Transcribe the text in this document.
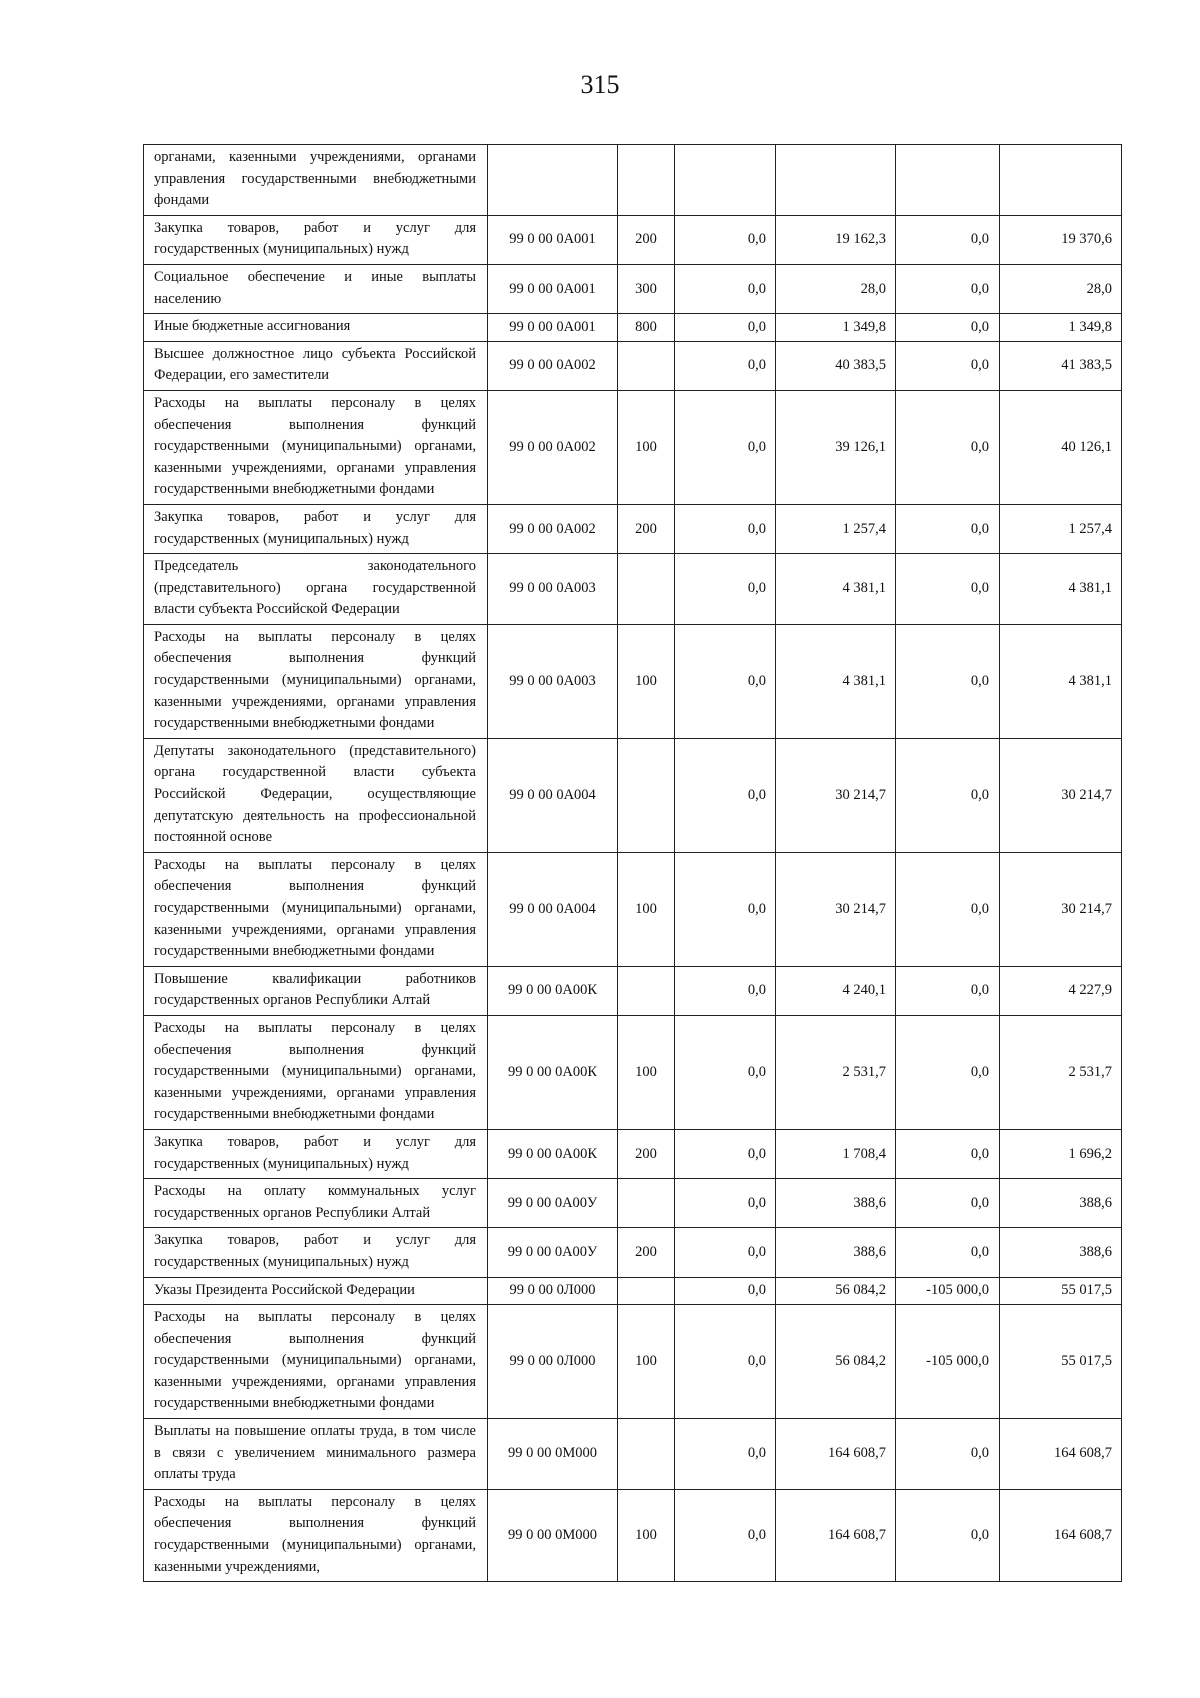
315
органами, казенными учреждениями, органами управления государственными внебюджетными фондами						
Закупка товаров, работ и услуг для государственных (муниципальных) нужд	99 0 00 0А001	200	0,0	19 162,3	0,0	19 370,6
Социальное обеспечение и иные выплаты населению	99 0 00 0А001	300	0,0	28,0	0,0	28,0
Иные бюджетные ассигнования	99 0 00 0А001	800	0,0	1 349,8	0,0	1 349,8
Высшее должностное лицо субъекта Российской Федерации, его заместители	99 0 00 0А002		0,0	40 383,5	0,0	41 383,5
Расходы на выплаты персоналу в целях обеспечения выполнения функций государственными (муниципальными) органами, казенными учреждениями, органами управления государственными внебюджетными фондами	99 0 00 0А002	100	0,0	39 126,1	0,0	40 126,1
Закупка товаров, работ и услуг для государственных (муниципальных) нужд	99 0 00 0А002	200	0,0	1 257,4	0,0	1 257,4
Председатель законодательного (представительного) органа государственной власти субъекта Российской Федерации	99 0 00 0А003		0,0	4 381,1	0,0	4 381,1
Расходы на выплаты персоналу в целях обеспечения выполнения функций государственными (муниципальными) органами, казенными учреждениями, органами управления государственными внебюджетными фондами	99 0 00 0А003	100	0,0	4 381,1	0,0	4 381,1
Депутаты законодательного (представительного) органа государственной власти субъекта Российской Федерации, осуществляющие депутатскую деятельность на профессиональной постоянной основе	99 0 00 0А004		0,0	30 214,7	0,0	30 214,7
Расходы на выплаты персоналу в целях обеспечения выполнения функций государственными (муниципальными) органами, казенными учреждениями, органами управления государственными внебюджетными фондами	99 0 00 0А004	100	0,0	30 214,7	0,0	30 214,7
Повышение квалификации работников государственных органов Республики Алтай	99 0 00 0А00К		0,0	4 240,1	0,0	4 227,9
Расходы на выплаты персоналу в целях обеспечения выполнения функций государственными (муниципальными) органами, казенными учреждениями, органами управления государственными внебюджетными фондами	99 0 00 0А00К	100	0,0	2 531,7	0,0	2 531,7
Закупка товаров, работ и услуг для государственных (муниципальных) нужд	99 0 00 0А00К	200	0,0	1 708,4	0,0	1 696,2
Расходы на оплату коммунальных услуг государственных органов Республики Алтай	99 0 00 0А00У		0,0	388,6	0,0	388,6
Закупка товаров, работ и услуг для государственных (муниципальных) нужд	99 0 00 0А00У	200	0,0	388,6	0,0	388,6
Указы Президента Российской Федерации	99 0 00 0Л000		0,0	56 084,2	-105 000,0	55 017,5
Расходы на выплаты персоналу в целях обеспечения выполнения функций государственными (муниципальными) органами, казенными учреждениями, органами управления государственными внебюджетными фондами	99 0 00 0Л000	100	0,0	56 084,2	-105 000,0	55 017,5
Выплаты на повышение оплаты труда, в том числе в связи с увеличением минимального размера оплаты труда	99 0 00 0М000		0,0	164 608,7	0,0	164 608,7
Расходы на выплаты персоналу в целях обеспечения выполнения функций государственными (муниципальными) органами, казенными учреждениями,	99 0 00 0М000	100	0,0	164 608,7	0,0	164 608,7
